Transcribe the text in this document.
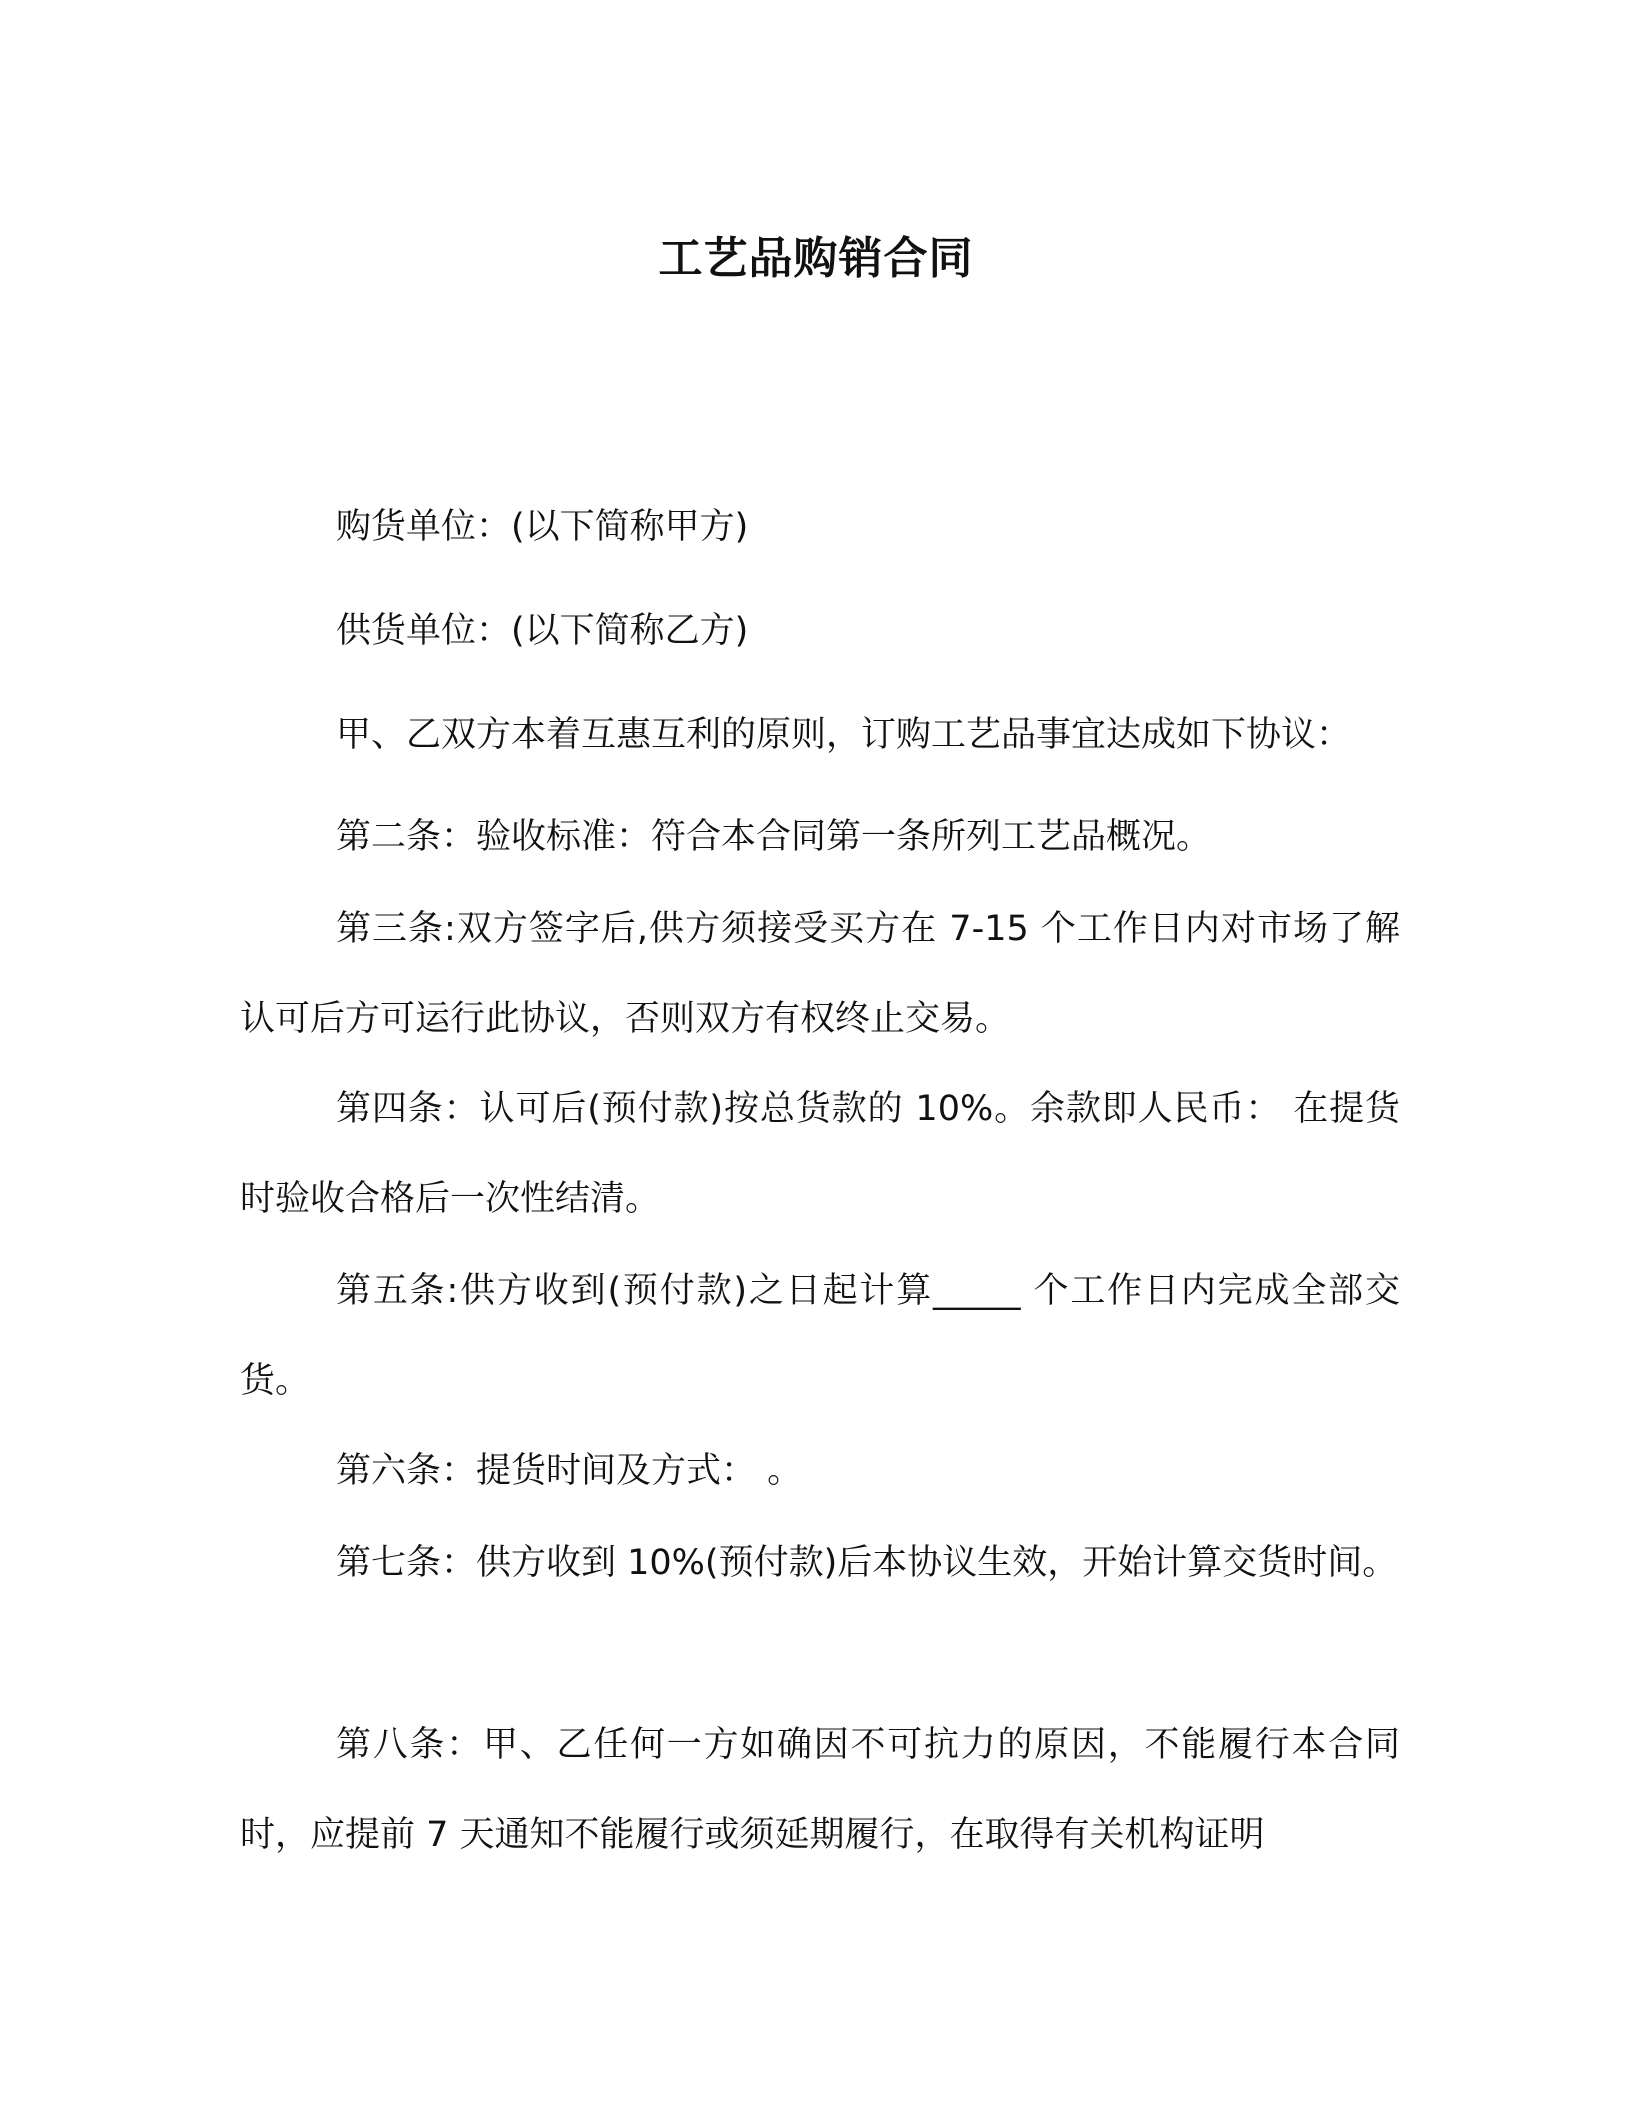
工艺品购销合同

购货单位：(以下简称甲方)

供货单位：(以下简称乙方)

甲、乙双方本着互惠互利的原则，订购工艺品事宜达成如下协议：

第二条：验收标准：符合本合同第一条所列工艺品概况。

第三条:双方签字后,供方须接受买方在 7-15 个工作日内对市场了解认可后方可运行此协议，否则双方有权终止交易。

第四条：认可后(预付款)按总货款的 10%。余款即人民币： 在提货时验收合格后一次性结清。

第五条:供方收到(预付款)之日起计算_____ 个工作日内完成全部交货。

第六条：提货时间及方式： 。

第七条：供方收到 10%(预付款)后本协议生效，开始计算交货时间。

第八条：甲、乙任何一方如确因不可抗力的原因，不能履行本合同时，应提前 7 天通知不能履行或须延期履行，在取得有关机构证明
